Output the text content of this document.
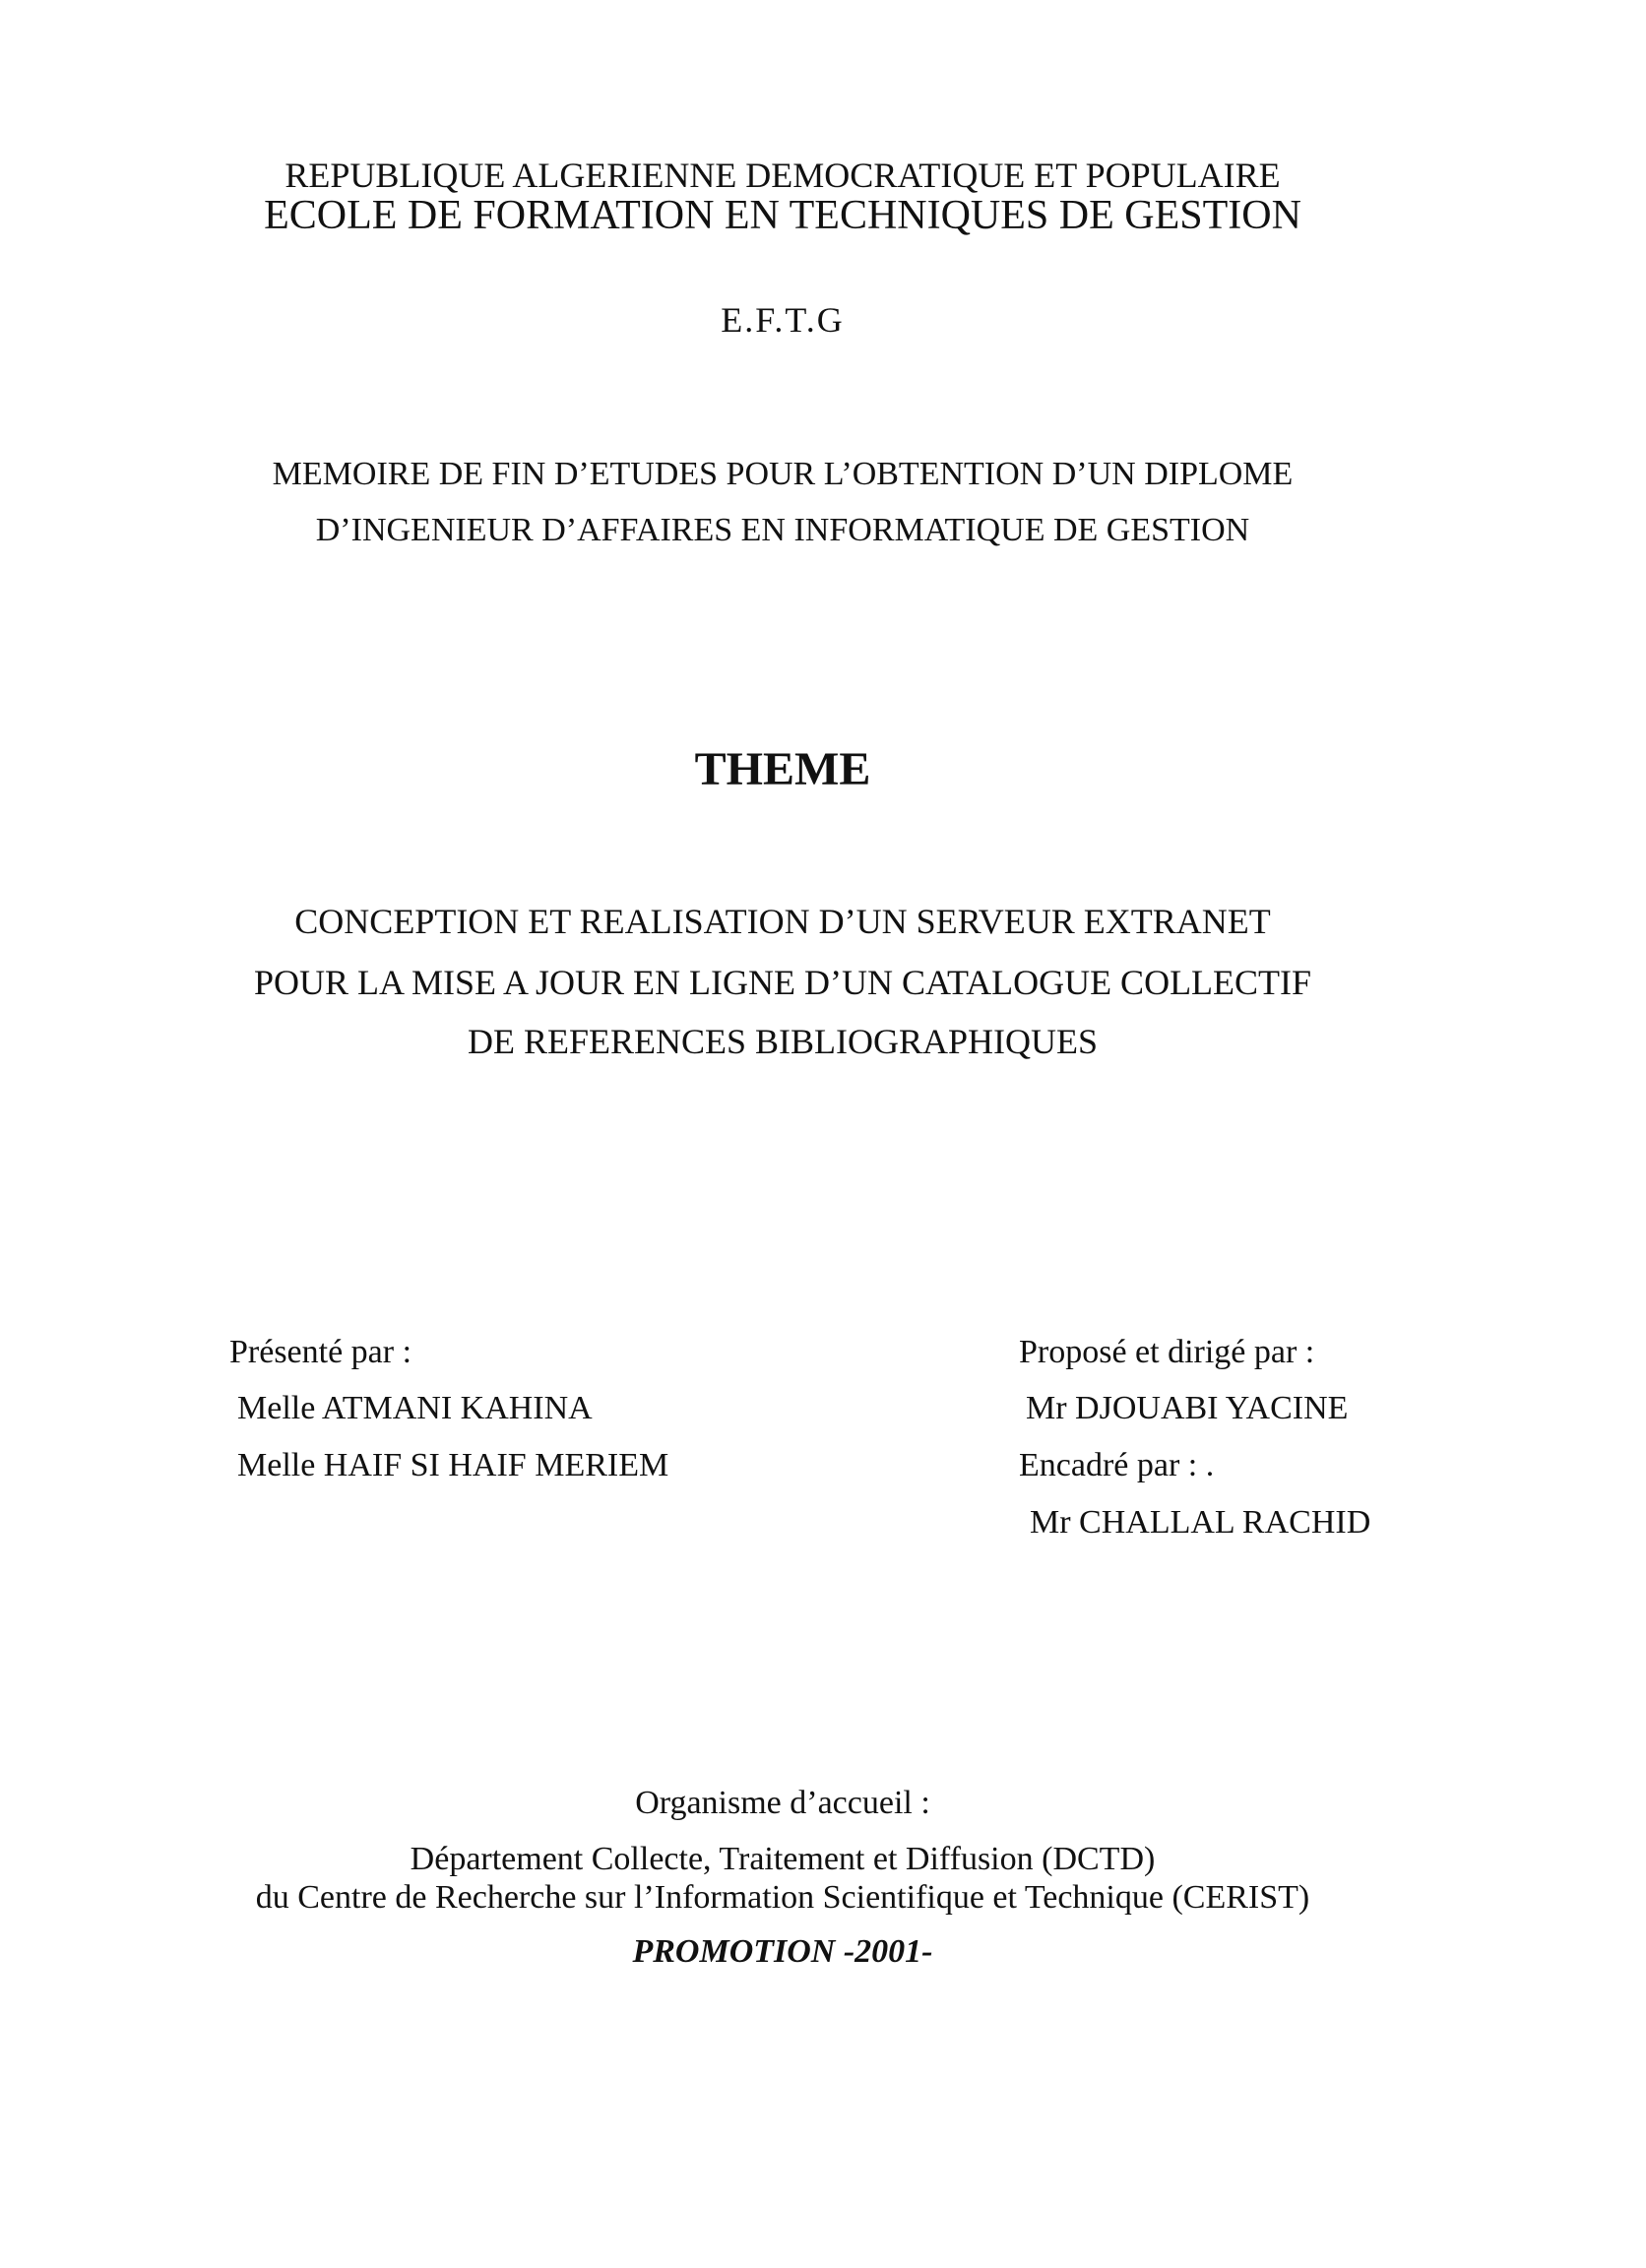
REPUBLIQUE ALGERIENNE DEMOCRATIQUE ET POPULAIRE
ECOLE DE FORMATION EN TECHNIQUES DE GESTION
E.F.T.G
MEMOIRE DE FIN D’ETUDES POUR L’OBTENTION D’UN DIPLOME
D’INGENIEUR D’AFFAIRES EN INFORMATIQUE DE GESTION
THEME
CONCEPTION ET REALISATION D’UN SERVEUR EXTRANET
POUR LA MISE A JOUR EN LIGNE D’UN CATALOGUE COLLECTIF
DE REFERENCES BIBLIOGRAPHIQUES
Présenté par :
Melle ATMANI KAHINA
Melle HAIF SI HAIF MERIEM
Proposé et dirigé par :
Mr DJOUABI YACINE
Encadré par : .
Mr CHALLAL RACHID
Organisme d’accueil :
Département Collecte, Traitement et Diffusion (DCTD)
du Centre de Recherche sur l’Information Scientifique et Technique (CERIST)
PROMOTION -2001-
